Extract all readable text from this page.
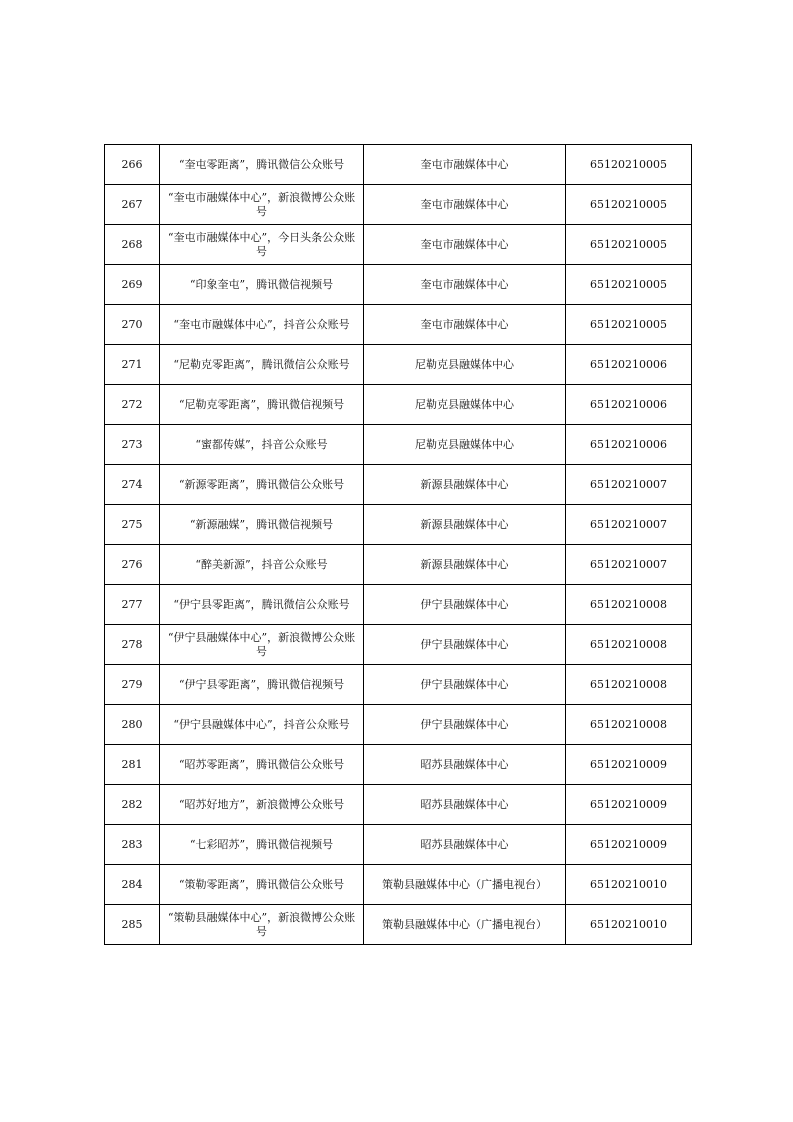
266	“奎屯零距离”，腾讯微信公众账号	奎屯市融媒体中心	65120210005
267	“奎屯市融媒体中心”，新浪微博公众账号	奎屯市融媒体中心	65120210005
268	“奎屯市融媒体中心”，今日头条公众账号	奎屯市融媒体中心	65120210005
269	“印象奎屯”，腾讯微信视频号	奎屯市融媒体中心	65120210005
270	“奎屯市融媒体中心”，抖音公众账号	奎屯市融媒体中心	65120210005
271	“尼勒克零距离”，腾讯微信公众账号	尼勒克县融媒体中心	65120210006
272	“尼勒克零距离”，腾讯微信视频号	尼勒克县融媒体中心	65120210006
273	“蜜都传媒”，抖音公众账号	尼勒克县融媒体中心	65120210006
274	“新源零距离”，腾讯微信公众账号	新源县融媒体中心	65120210007
275	“新源融媒”，腾讯微信视频号	新源县融媒体中心	65120210007
276	“醉美新源”，抖音公众账号	新源县融媒体中心	65120210007
277	“伊宁县零距离”，腾讯微信公众账号	伊宁县融媒体中心	65120210008
278	“伊宁县融媒体中心”，新浪微博公众账号	伊宁县融媒体中心	65120210008
279	“伊宁县零距离”，腾讯微信视频号	伊宁县融媒体中心	65120210008
280	“伊宁县融媒体中心”，抖音公众账号	伊宁县融媒体中心	65120210008
281	“昭苏零距离”，腾讯微信公众账号	昭苏县融媒体中心	65120210009
282	“昭苏好地方”，新浪微博公众账号	昭苏县融媒体中心	65120210009
283	“七彩昭苏”，腾讯微信视频号	昭苏县融媒体中心	65120210009
284	“策勒零距离”，腾讯微信公众账号	策勒县融媒体中心（广播电视台）	65120210010
285	“策勒县融媒体中心”，新浪微博公众账号	策勒县融媒体中心（广播电视台）	65120210010
